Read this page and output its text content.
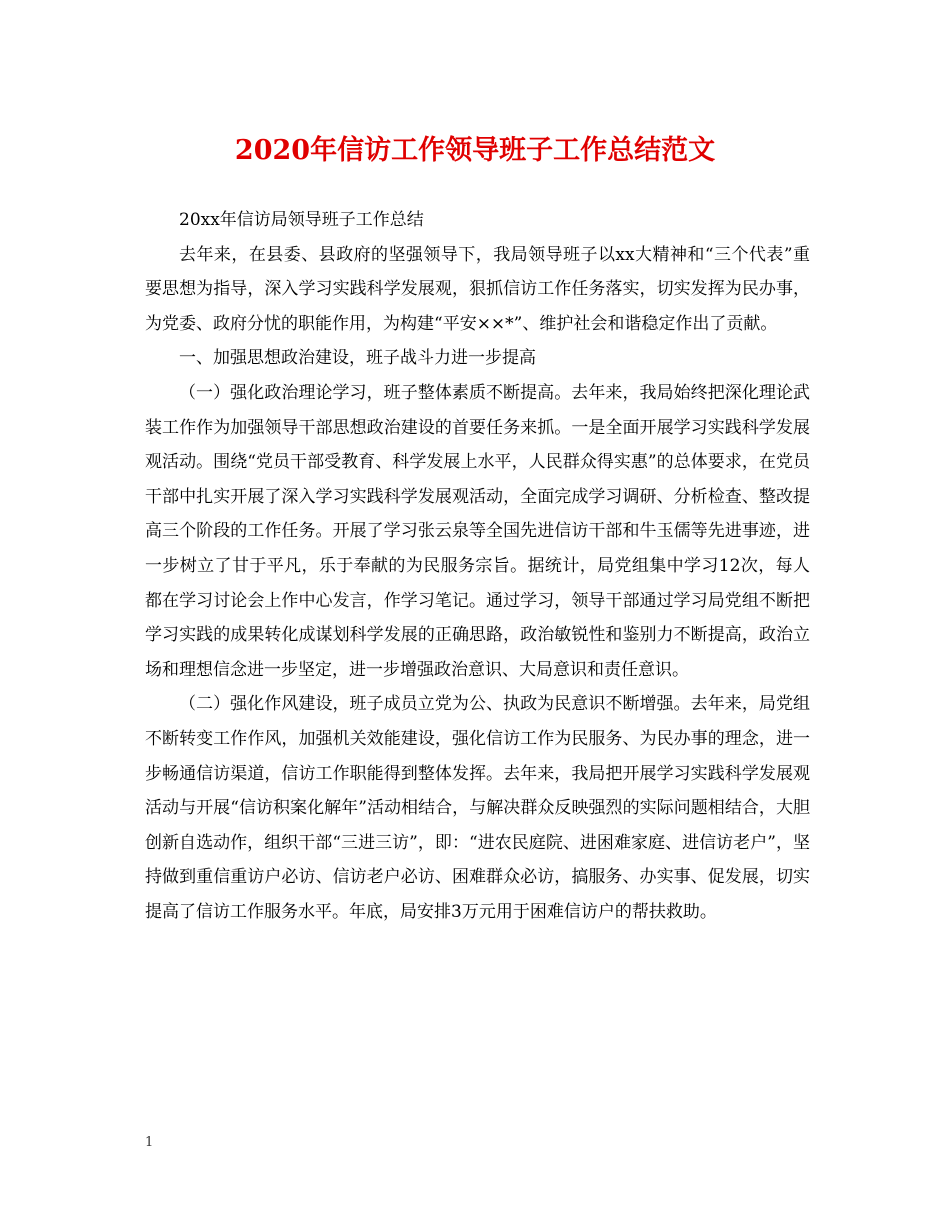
2020年信访工作领导班子工作总结范文

20xx年信访局领导班子工作总结

去年来，在县委、县政府的坚强领导下，我局领导班子以xx大精神和“三个代表”重要思想为指导，深入学习实践科学发展观，狠抓信访工作任务落实，切实发挥为民办事，为党委、政府分忧的职能作用，为构建“平安××*”、维护社会和谐稳定作出了贡献。

一、加强思想政治建设，班子战斗力进一步提高

（一）强化政治理论学习，班子整体素质不断提高。去年来，我局始终把深化理论武装工作作为加强领导干部思想政治建设的首要任务来抓。一是全面开展学习实践科学发展观活动。围绕“党员干部受教育、科学发展上水平，人民群众得实惠”的总体要求，在党员干部中扎实开展了深入学习实践科学发展观活动，全面完成学习调研、分析检查、整改提高三个阶段的工作任务。开展了学习张云泉等全国先进信访干部和牛玉儒等先进事迹，进一步树立了甘于平凡，乐于奉献的为民服务宗旨。据统计，局党组集中学习12次，每人都在学习讨论会上作中心发言，作学习笔记。通过学习，领导干部通过学习局党组不断把学习实践的成果转化成谋划科学发展的正确思路，政治敏锐性和鉴别力不断提高，政治立场和理想信念进一步坚定，进一步增强政治意识、大局意识和责任意识。

（二）强化作风建设，班子成员立党为公、执政为民意识不断增强。去年来，局党组不断转变工作作风，加强机关效能建设，强化信访工作为民服务、为民办事的理念，进一步畅通信访渠道，信访工作职能得到整体发挥。去年来，我局把开展学习实践科学发展观活动与开展“信访积案化解年”活动相结合，与解决群众反映强烈的实际问题相结合，大胆创新自选动作，组织干部“三进三访”，即：“进农民庭院、进困难家庭、进信访老户”，坚持做到重信重访户必访、信访老户必访、困难群众必访，搞服务、办实事、促发展，切实提高了信访工作服务水平。年底，局安排3万元用于困难信访户的帮扶救助。

1
